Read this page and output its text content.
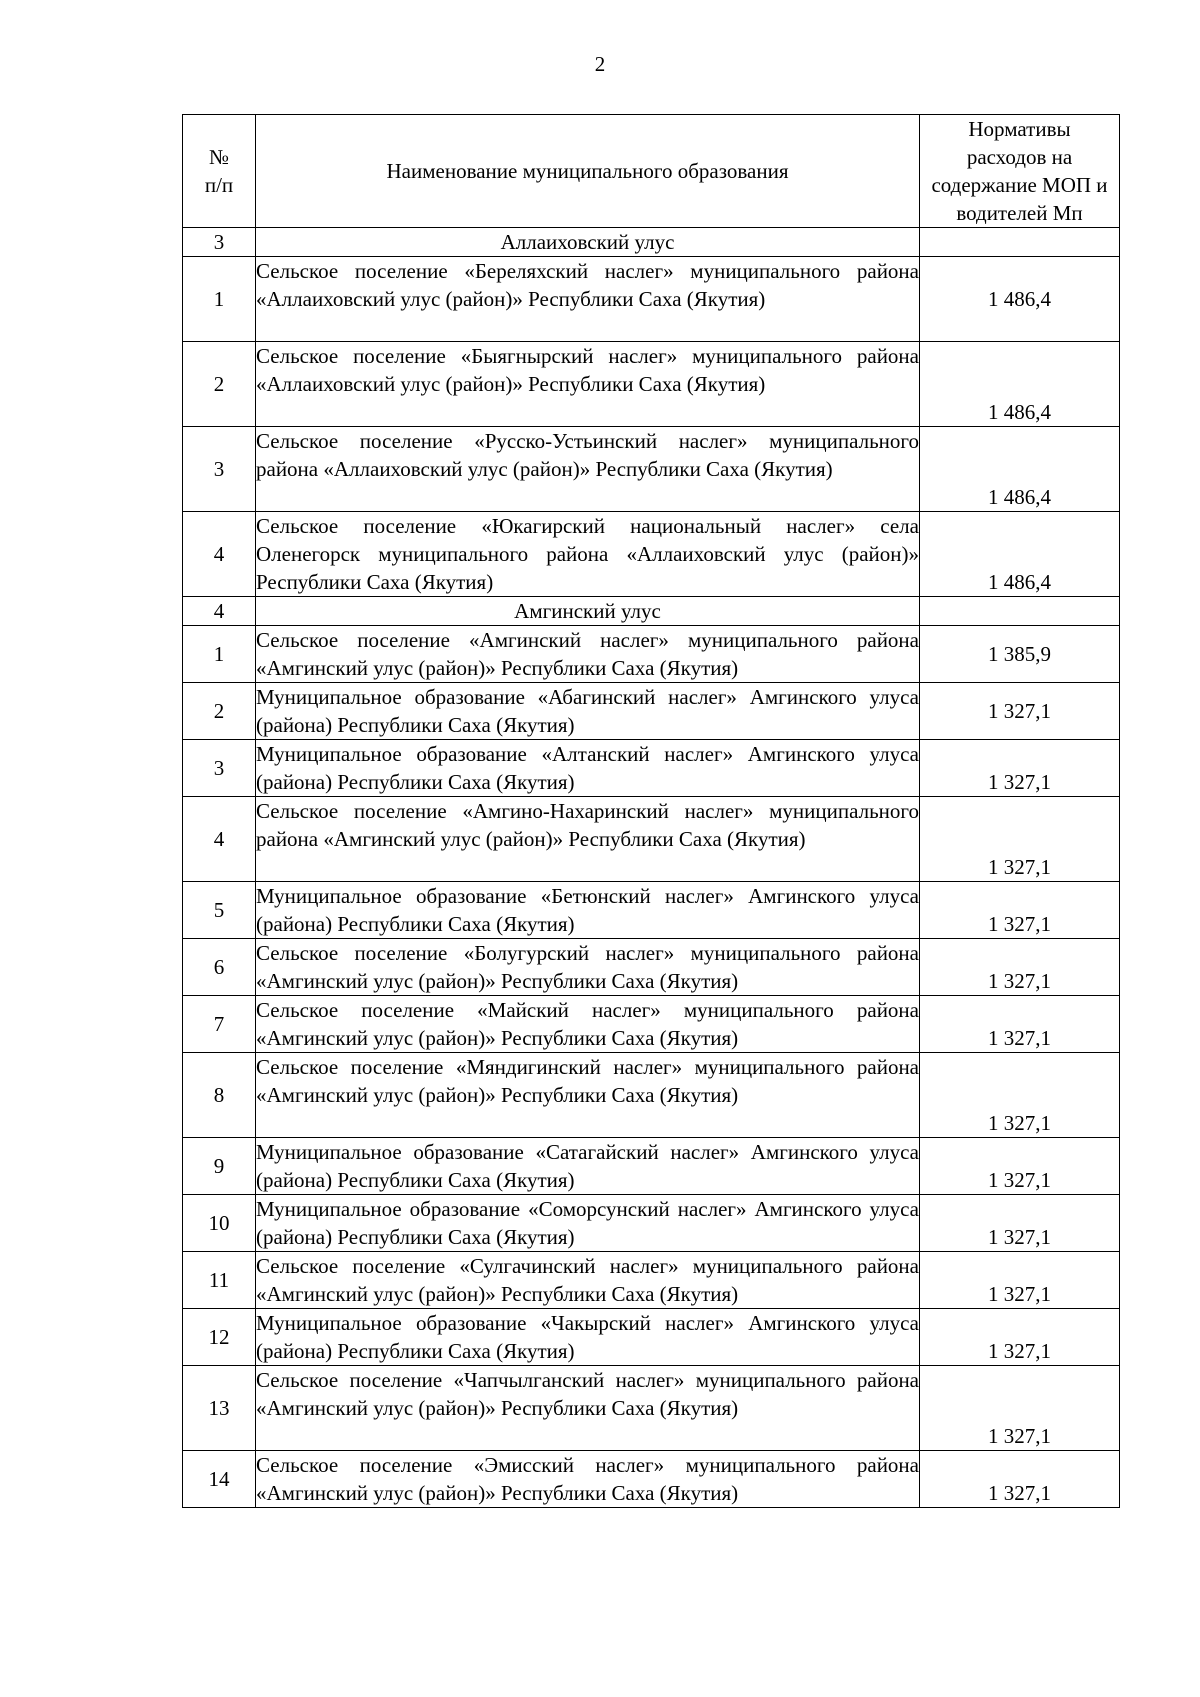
2
№
п/п	Наименование муниципального образования	Нормативы расходов на содержание МОП и водителей Мп
3	Аллаиховский улус	
1	Сельское поселение «Береляхский наслег» муниципального района «Аллаиховский улус (район)» Республики Саха (Якутия)	1 486,4
2	Сельское поселение «Быягнырский наслег» муниципального района «Аллаиховский улус (район)» Республики Саха (Якутия)	1 486,4
3	Сельское поселение «Русско-Устьинский наслег» муниципального района «Аллаиховский улус (район)» Республики Саха (Якутия)	1 486,4
4	Сельское поселение «Юкагирский национальный наслег» села Оленегорск муниципального района «Аллаиховский улус (район)» Республики Саха (Якутия)	1 486,4
4	Амгинский улус	
1	Сельское поселение «Амгинский наслег» муниципального района «Амгинский улус (район)» Республики Саха (Якутия)	1 385,9
2	Муниципальное образование «Абагинский наслег» Амгинского улуса (района) Республики Саха (Якутия)	1 327,1
3	Муниципальное образование «Алтанский наслег» Амгинского улуса (района) Республики Саха (Якутия)	1 327,1
4	Сельское поселение «Амгино-Нахаринский наслег» муниципального района «Амгинский улус (район)» Республики Саха (Якутия)	1 327,1
5	Муниципальное образование «Бетюнский наслег» Амгинского улуса (района) Республики Саха (Якутия)	1 327,1
6	Сельское поселение «Болугурский наслег» муниципального района «Амгинский улус (район)» Республики Саха (Якутия)	1 327,1
7	Сельское поселение «Майский наслег» муниципального района «Амгинский улус (район)» Республики Саха (Якутия)	1 327,1
8	Сельское поселение «Мяндигинский наслег» муниципального района «Амгинский улус (район)» Республики Саха (Якутия)	1 327,1
9	Муниципальное образование «Сатагайский наслег» Амгинского улуса (района) Республики Саха (Якутия)	1 327,1
10	Муниципальное образование «Соморсунский наслег» Амгинского улуса (района) Республики Саха (Якутия)	1 327,1
11	Сельское поселение «Сулгачинский наслег» муниципального района «Амгинский улус (район)» Республики Саха (Якутия)	1 327,1
12	Муниципальное образование «Чакырский наслег» Амгинского улуса (района) Республики Саха (Якутия)	1 327,1
13	Сельское поселение «Чапчылганский наслег» муниципального района «Амгинский улус (район)» Республики Саха (Якутия)	1 327,1
14	Сельское поселение «Эмисский наслег» муниципального района «Амгинский улус (район)» Республики Саха (Якутия)	1 327,1
